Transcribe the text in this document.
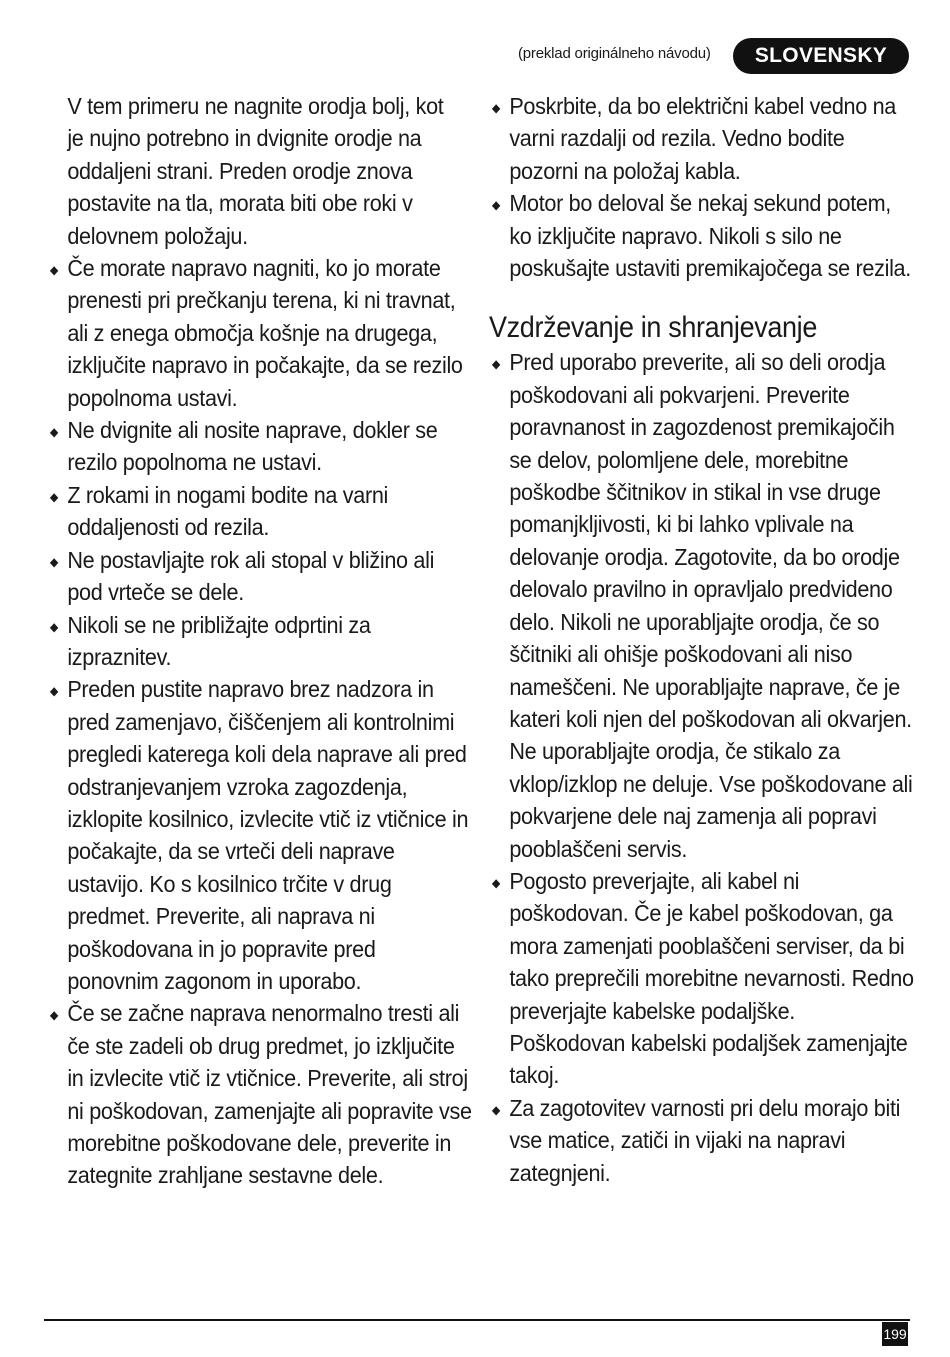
(preklad originálneho návodu)	SLOVENSKY

V tem primeru ne nagnite orodja bolj, kot je nujno potrebno in dvignite orodje na oddaljeni strani. Preden orodje znova postavite na tla, morata biti obe roki v delovnem položaju.

◆ Če morate napravo nagniti, ko jo morate prenesti pri prečkanju terena, ki ni travnat, ali z enega območja košnje na drugega, izključite napravo in počakajte, da se rezilo popolnoma ustavi.
◆ Ne dvignite ali nosite naprave, dokler se rezilo popolnoma ne ustavi.
◆ Z rokami in nogami bodite na varni oddaljenosti od rezila.
◆ Ne postavljajte rok ali stopal v bližino ali pod vrteče se dele.
◆ Nikoli se ne približajte odprtini za izpraznitev.
◆ Preden pustite napravo brez nadzora in pred zamenjavo, čiščenjem ali kontrolnimi pregledi katerega koli dela naprave ali pred odstranjevanjem vzroka zagozdenja, izklopite kosilnico, izvlecite vtič iz vtičnice in počakajte, da se vrteči deli naprave ustavijo. Ko s kosilnico trčite v drug predmet. Preverite, ali naprava ni poškodovana in jo popravite pred ponovnim zagonom in uporabo.
◆ Če se začne naprava nenormalno tresti ali če ste zadeli ob drug predmet, jo izključite in izvlecite vtič iz vtičnice. Preverite, ali stroj ni poškodovan, zamenjajte ali popravite vse morebitne poškodovane dele, preverite in zategnite zrahljane sestavne dele.
◆ Poskrbite, da bo električni kabel vedno na varni razdalji od rezila. Vedno bodite pozorni na položaj kabla.
◆ Motor bo deloval še nekaj sekund potem, ko izključite napravo. Nikoli s silo ne poskušajte ustaviti premikajočega se rezila.
Vzdrževanje in shranjevanje
◆ Pred uporabo preverite, ali so deli orodja poškodovani ali pokvarjeni. Preverite poravnanost in zagozdenost premikajočih se delov, polomljene dele, morebitne poškodbe ščitnikov in stikal in vse druge pomanjkljivosti, ki bi lahko vplivale na delovanje orodja. Zagotovite, da bo orodje delovalo pravilno in opravljalo predvideno delo. Nikoli ne uporabljajte orodja, če so ščitniki ali ohišje poškodovani ali niso nameščeni. Ne uporabljajte naprave, če je kateri koli njen del poškodovan ali okvarjen. Ne uporabljajte orodja, če stikalo za vklop/izklop ne deluje. Vse poškodovane ali pokvarjene dele naj zamenja ali popravi pooblaščeni servis.
◆ Pogosto preverjajte, ali kabel ni poškodovan. Če je kabel poškodovan, ga mora zamenjati pooblaščeni serviser, da bi tako preprečili morebitne nevarnosti. Redno preverjajte kabelske podaljške. Poškodovan kabelski podaljšek zamenjajte takoj.
◆ Za zagotovitev varnosti pri delu morajo biti vse matice, zatiči in vijaki na napravi zategnjeni.
199
